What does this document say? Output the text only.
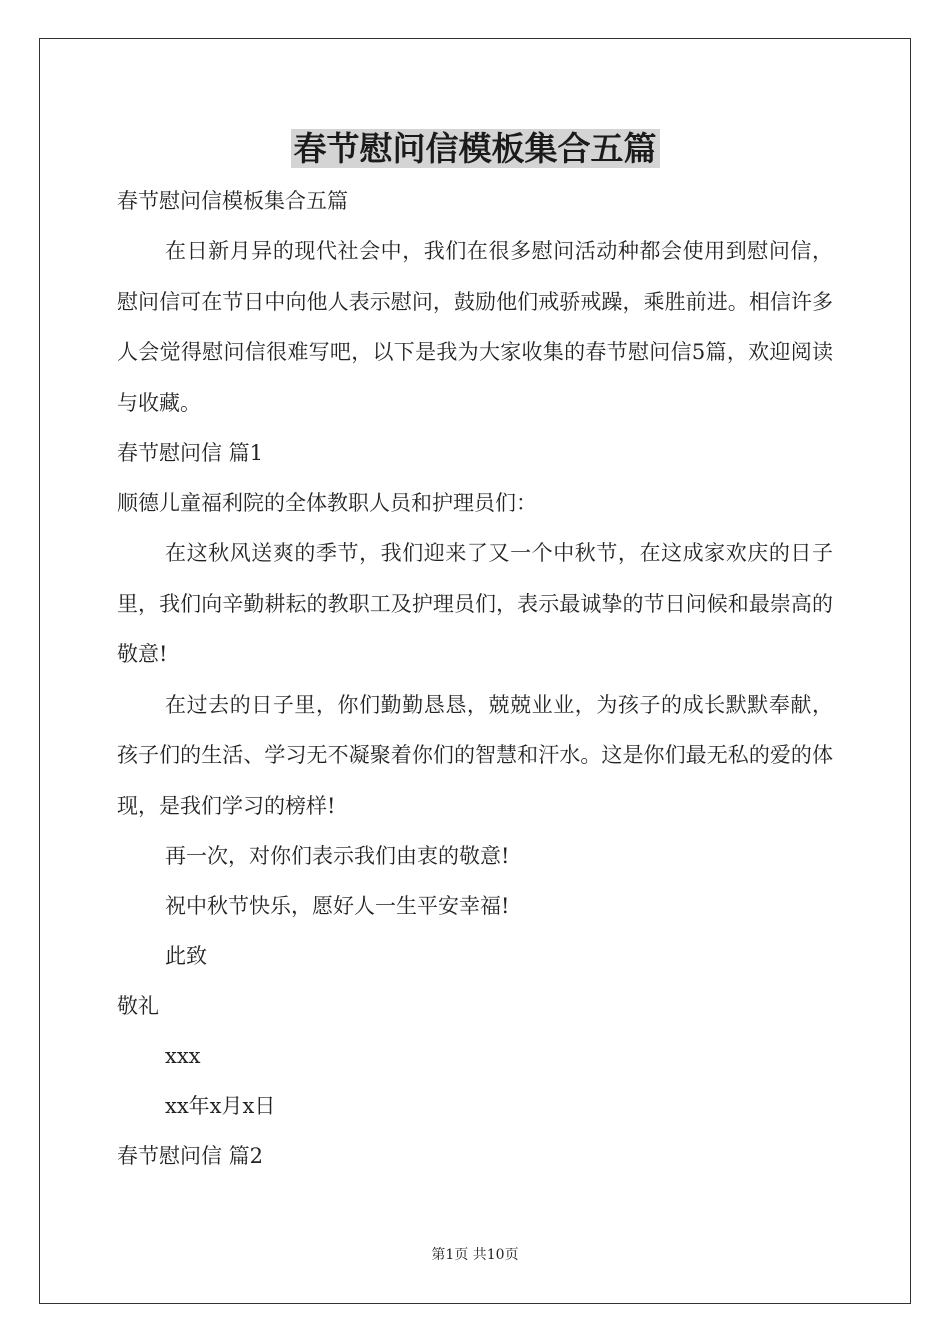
春节慰问信模板集合五篇

春节慰问信模板集合五篇

在日新月异的现代社会中，我们在很多慰问活动种都会使用到慰问信，慰问信可在节日中向他人表示慰问，鼓励他们戒骄戒躁，乘胜前进。相信许多人会觉得慰问信很难写吧，以下是我为大家收集的春节慰问信5篇，欢迎阅读与收藏。

春节慰问信 篇1

顺德儿童福利院的全体教职人员和护理员们：

在这秋风送爽的季节，我们迎来了又一个中秋节，在这成家欢庆的日子里，我们向辛勤耕耘的教职工及护理员们，表示最诚挚的节日问候和最崇高的敬意!

在过去的日子里，你们勤勤恳恳，兢兢业业，为孩子的成长默默奉献，孩子们的生活、学习无不凝聚着你们的智慧和汗水。这是你们最无私的爱的体现，是我们学习的榜样!

再一次，对你们表示我们由衷的敬意!

祝中秋节快乐，愿好人一生平安幸福!

此致

敬礼

xxx

xx年x月x日

春节慰问信 篇2

第1页 共10页
